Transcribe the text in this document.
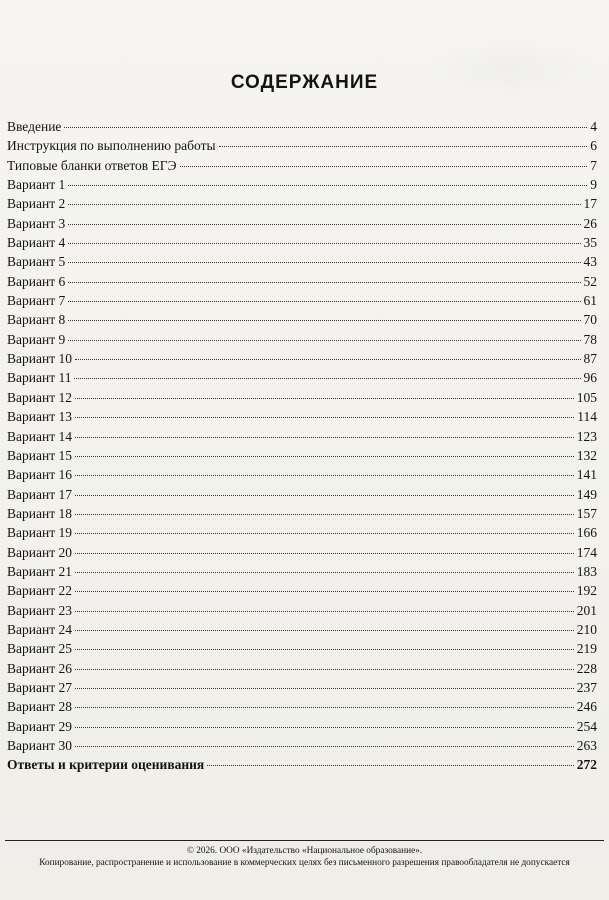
СОДЕРЖАНИЕ
Введение	4
Инструкция по выполнению работы	6
Типовые бланки ответов ЕГЭ	7
Вариант 1	9
Вариант 2	17
Вариант 3	26
Вариант 4	35
Вариант 5	43
Вариант 6	52
Вариант 7	61
Вариант 8	70
Вариант 9	78
Вариант 10	87
Вариант 11	96
Вариант 12	105
Вариант 13	114
Вариант 14	123
Вариант 15	132
Вариант 16	141
Вариант 17	149
Вариант 18	157
Вариант 19	166
Вариант 20	174
Вариант 21	183
Вариант 22	192
Вариант 23	201
Вариант 24	210
Вариант 25	219
Вариант 26	228
Вариант 27	237
Вариант 28	246
Вариант 29	254
Вариант 30	263
Ответы и критерии оценивания	272
© 2026. ООО «Издательство «Национальное образование».
Копирование, распространение и использование в коммерческих целях без письменного разрешения правообладателя не допускается
